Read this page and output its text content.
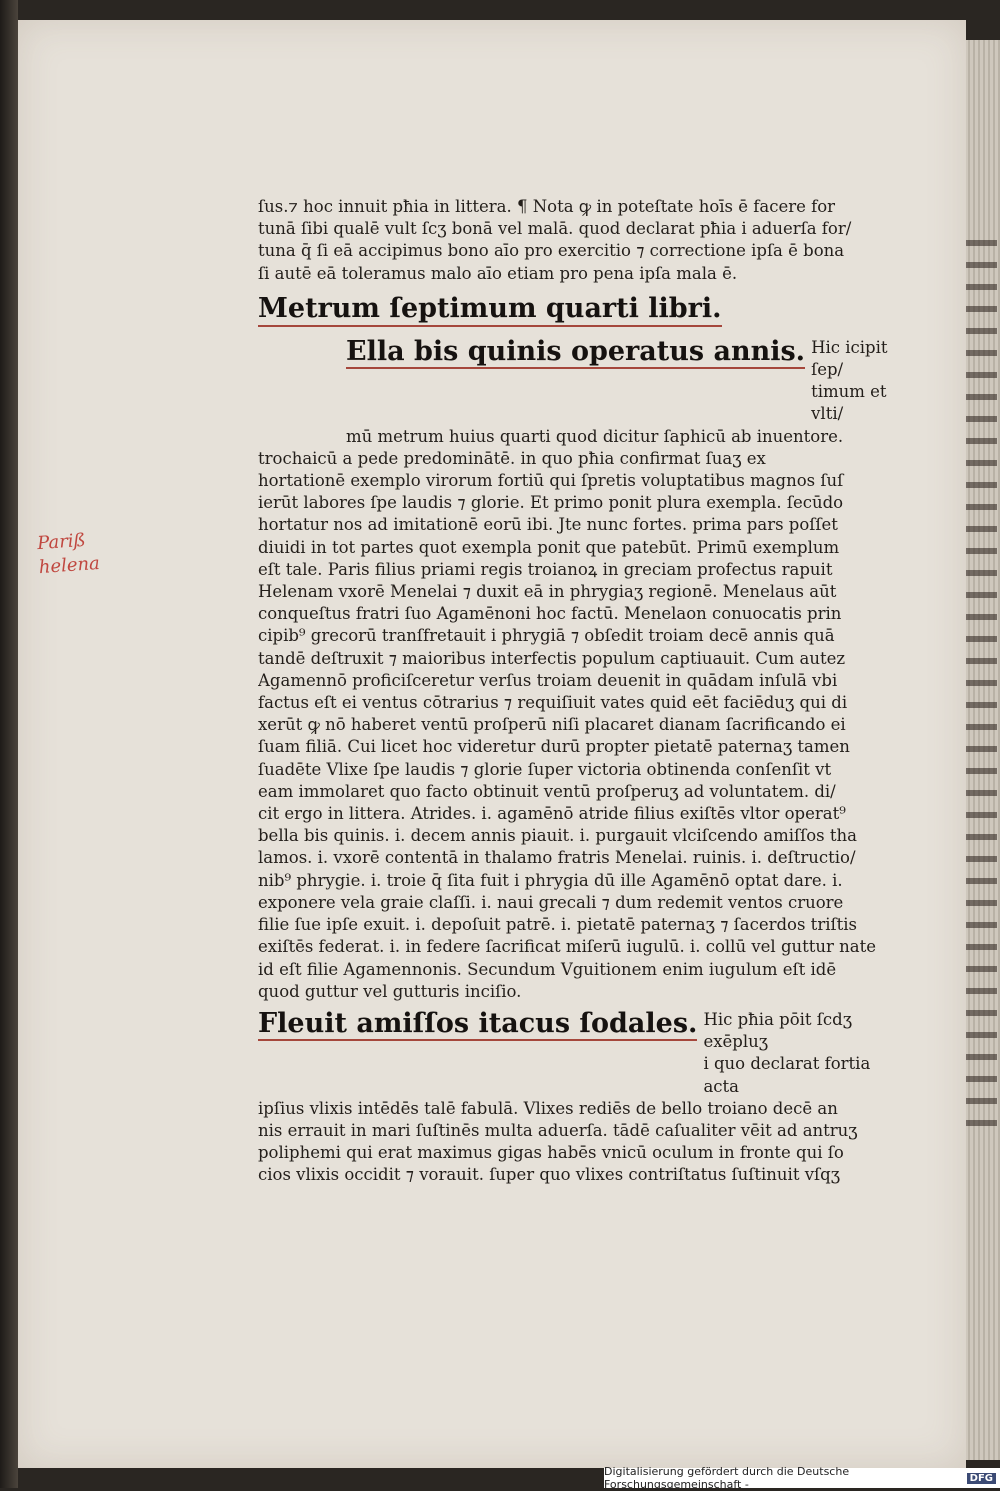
Pariß
helena
ſus.⁊ hoc innuit pħia in littera. ¶ Nota ꝙ in poteſtate hoīs ē facere for
tunā ſibi qualē vult ſcʒ bonā vel malā. quod declarat pħia i aduerſa for/
tuna q̄ ſi eā accipimus bono aīo pro exercitio ⁊ correctione ipſa ē bona
ſi autē eā toleramus malo aīo etiam pro pena ipſa mala ē.
Metrum ſeptimum quarti libri.
Ella bis quinis operatus annis. Hic icipit ſep/
timum et vlti/
mū metrum huius quarti quod dicitur ſaphicū ab inuentore.
trochaicū a pede predominātē. in quo pħia confirmat ſuaʒ ex
hortationē exemplo virorum fortiū qui ſpretis voluptatibus magnos ſuſ
ierūt labores ſpe laudis ⁊ glorie. Et primo ponit plura exempla. ſecūdo
hortatur nos ad imitationē eorū ibi. Jte nunc fortes. prima pars poſſet
diuidi in tot partes quot exempla ponit que patebūt. Primū exemplum
eſt tale. Paris filius priami regis troianoꝝ in greciam profectus rapuit
Helenam vxorē Menelai ⁊ duxit eā in phrygiaʒ regionē. Menelaus aūt
conqueſtus fratri ſuo Agamēnoni hoc factū. Menelaon conuocatis prin
cipib⁹ grecorū tranſfretauit i phrygiā ⁊ obſedit troiam decē annis quā
tandē deſtruxit ⁊ maioribus interfectis populum captiuauit. Cum autez
Agamennō proficiſceretur verſus troiam deuenit in quādam inſulā vbi
factus eſt ei ventus cōtrarius ⁊ requiſiuit vates quid eēt faciēduʒ qui di
xerūt ꝙ nō haberet ventū proſperū niſi placaret dianam ſacrificando ei
ſuam filiā. Cui licet hoc videretur durū propter pietatē paternaʒ tamen
ſuadēte Vlixe ſpe laudis ⁊ glorie ſuper victoria obtinenda conſenſit vt
eam immolaret quo facto obtinuit ventū proſperuʒ ad voluntatem. di/
cit ergo in littera. Atrides. i. agamēnō atride filius exiſtēs vltor operat⁹
bella bis quinis. i. decem annis piauit. i. purgauit vlciſcendo amiſſos tha
lamos. i. vxorē contentā in thalamo fratris Menelai. ruinis. i. deſtructio/
nib⁹ phrygie. i. troie q̄ ſita fuit i phrygia dū ille Agamēnō optat dare. i.
exponere vela graie claſſi. i. naui grecali ⁊ dum redemit ventos cruore
filie ſue ipſe exuit. i. depoſuit patrē. i. pietatē paternaʒ ⁊ ſacerdos triſtis
exiſtēs federat. i. in federe ſacrificat miſerū iugulū. i. collū vel guttur nate
id eſt filie Agamennonis. Secundum Vguitionem enim iugulum eſt idē
quod guttur vel gutturis inciſio.
Fleuit amiſſos itacus ſodales. Hic pħia pōit ſcdʒ exēpluʒ
i quo declarat fortia acta
ipſius vlixis intēdēs talē fabulā. Vlixes rediēs de bello troiano decē an
nis errauit in mari ſuſtinēs multa aduerſa. tādē caſualiter vēit ad antruʒ
poliphemi qui erat maximus gigas habēs vnicū oculum in fronte qui ſo
cios vlixis occidit ⁊ vorauit. ſuper quo vlixes contriſtatus ſuſtinuit vſqʒ
Digitalisierung gefördert durch die Deutsche Forschungsgemeinschaft -	DFG
